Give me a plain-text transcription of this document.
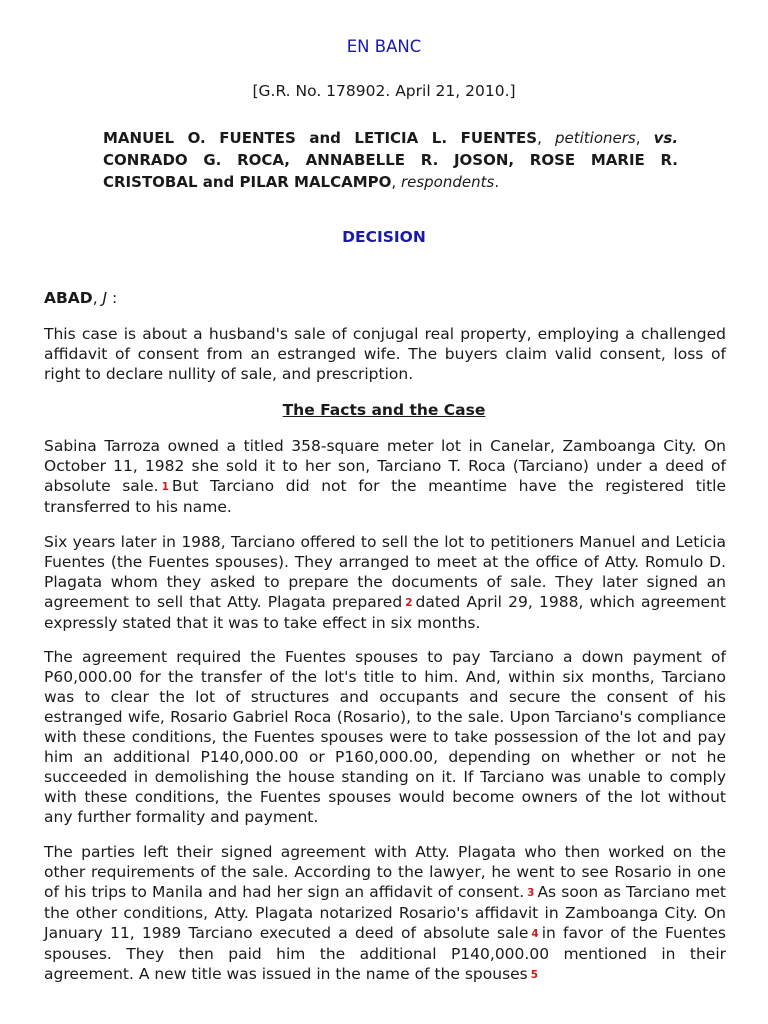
EN BANC
[G.R. No. 178902. April 21, 2010.]
MANUEL O. FUENTES and LETICIA L. FUENTES, petitioners, vs. CONRADO G. ROCA, ANNABELLE R. JOSON, ROSE MARIE R. CRISTOBAL and PILAR MALCAMPO, respondents.
DECISION
ABAD, J :
This case is about a husband's sale of conjugal real property, employing a challenged affidavit of consent from an estranged wife. The buyers claim valid consent, loss of right to declare nullity of sale, and prescription.
The Facts and the Case
Sabina Tarroza owned a titled 358-square meter lot in Canelar, Zamboanga City. On October 11, 1982 she sold it to her son, Tarciano T. Roca (Tarciano) under a deed of absolute sale. 1 But Tarciano did not for the meantime have the registered title transferred to his name.
Six years later in 1988, Tarciano offered to sell the lot to petitioners Manuel and Leticia Fuentes (the Fuentes spouses). They arranged to meet at the office of Atty. Romulo D. Plagata whom they asked to prepare the documents of sale. They later signed an agreement to sell that Atty. Plagata prepared 2 dated April 29, 1988, which agreement expressly stated that it was to take effect in six months.
The agreement required the Fuentes spouses to pay Tarciano a down payment of P60,000.00 for the transfer of the lot's title to him. And, within six months, Tarciano was to clear the lot of structures and occupants and secure the consent of his estranged wife, Rosario Gabriel Roca (Rosario), to the sale. Upon Tarciano's compliance with these conditions, the Fuentes spouses were to take possession of the lot and pay him an additional P140,000.00 or P160,000.00, depending on whether or not he succeeded in demolishing the house standing on it. If Tarciano was unable to comply with these conditions, the Fuentes spouses would become owners of the lot without any further formality and payment.
The parties left their signed agreement with Atty. Plagata who then worked on the other requirements of the sale. According to the lawyer, he went to see Rosario in one of his trips to Manila and had her sign an affidavit of consent. 3 As soon as Tarciano met the other conditions, Atty. Plagata notarized Rosario's affidavit in Zamboanga City. On January 11, 1989 Tarciano executed a deed of absolute sale 4 in favor of the Fuentes spouses. They then paid him the additional P140,000.00 mentioned in their agreement. A new title was issued in the name of the spouses 5
